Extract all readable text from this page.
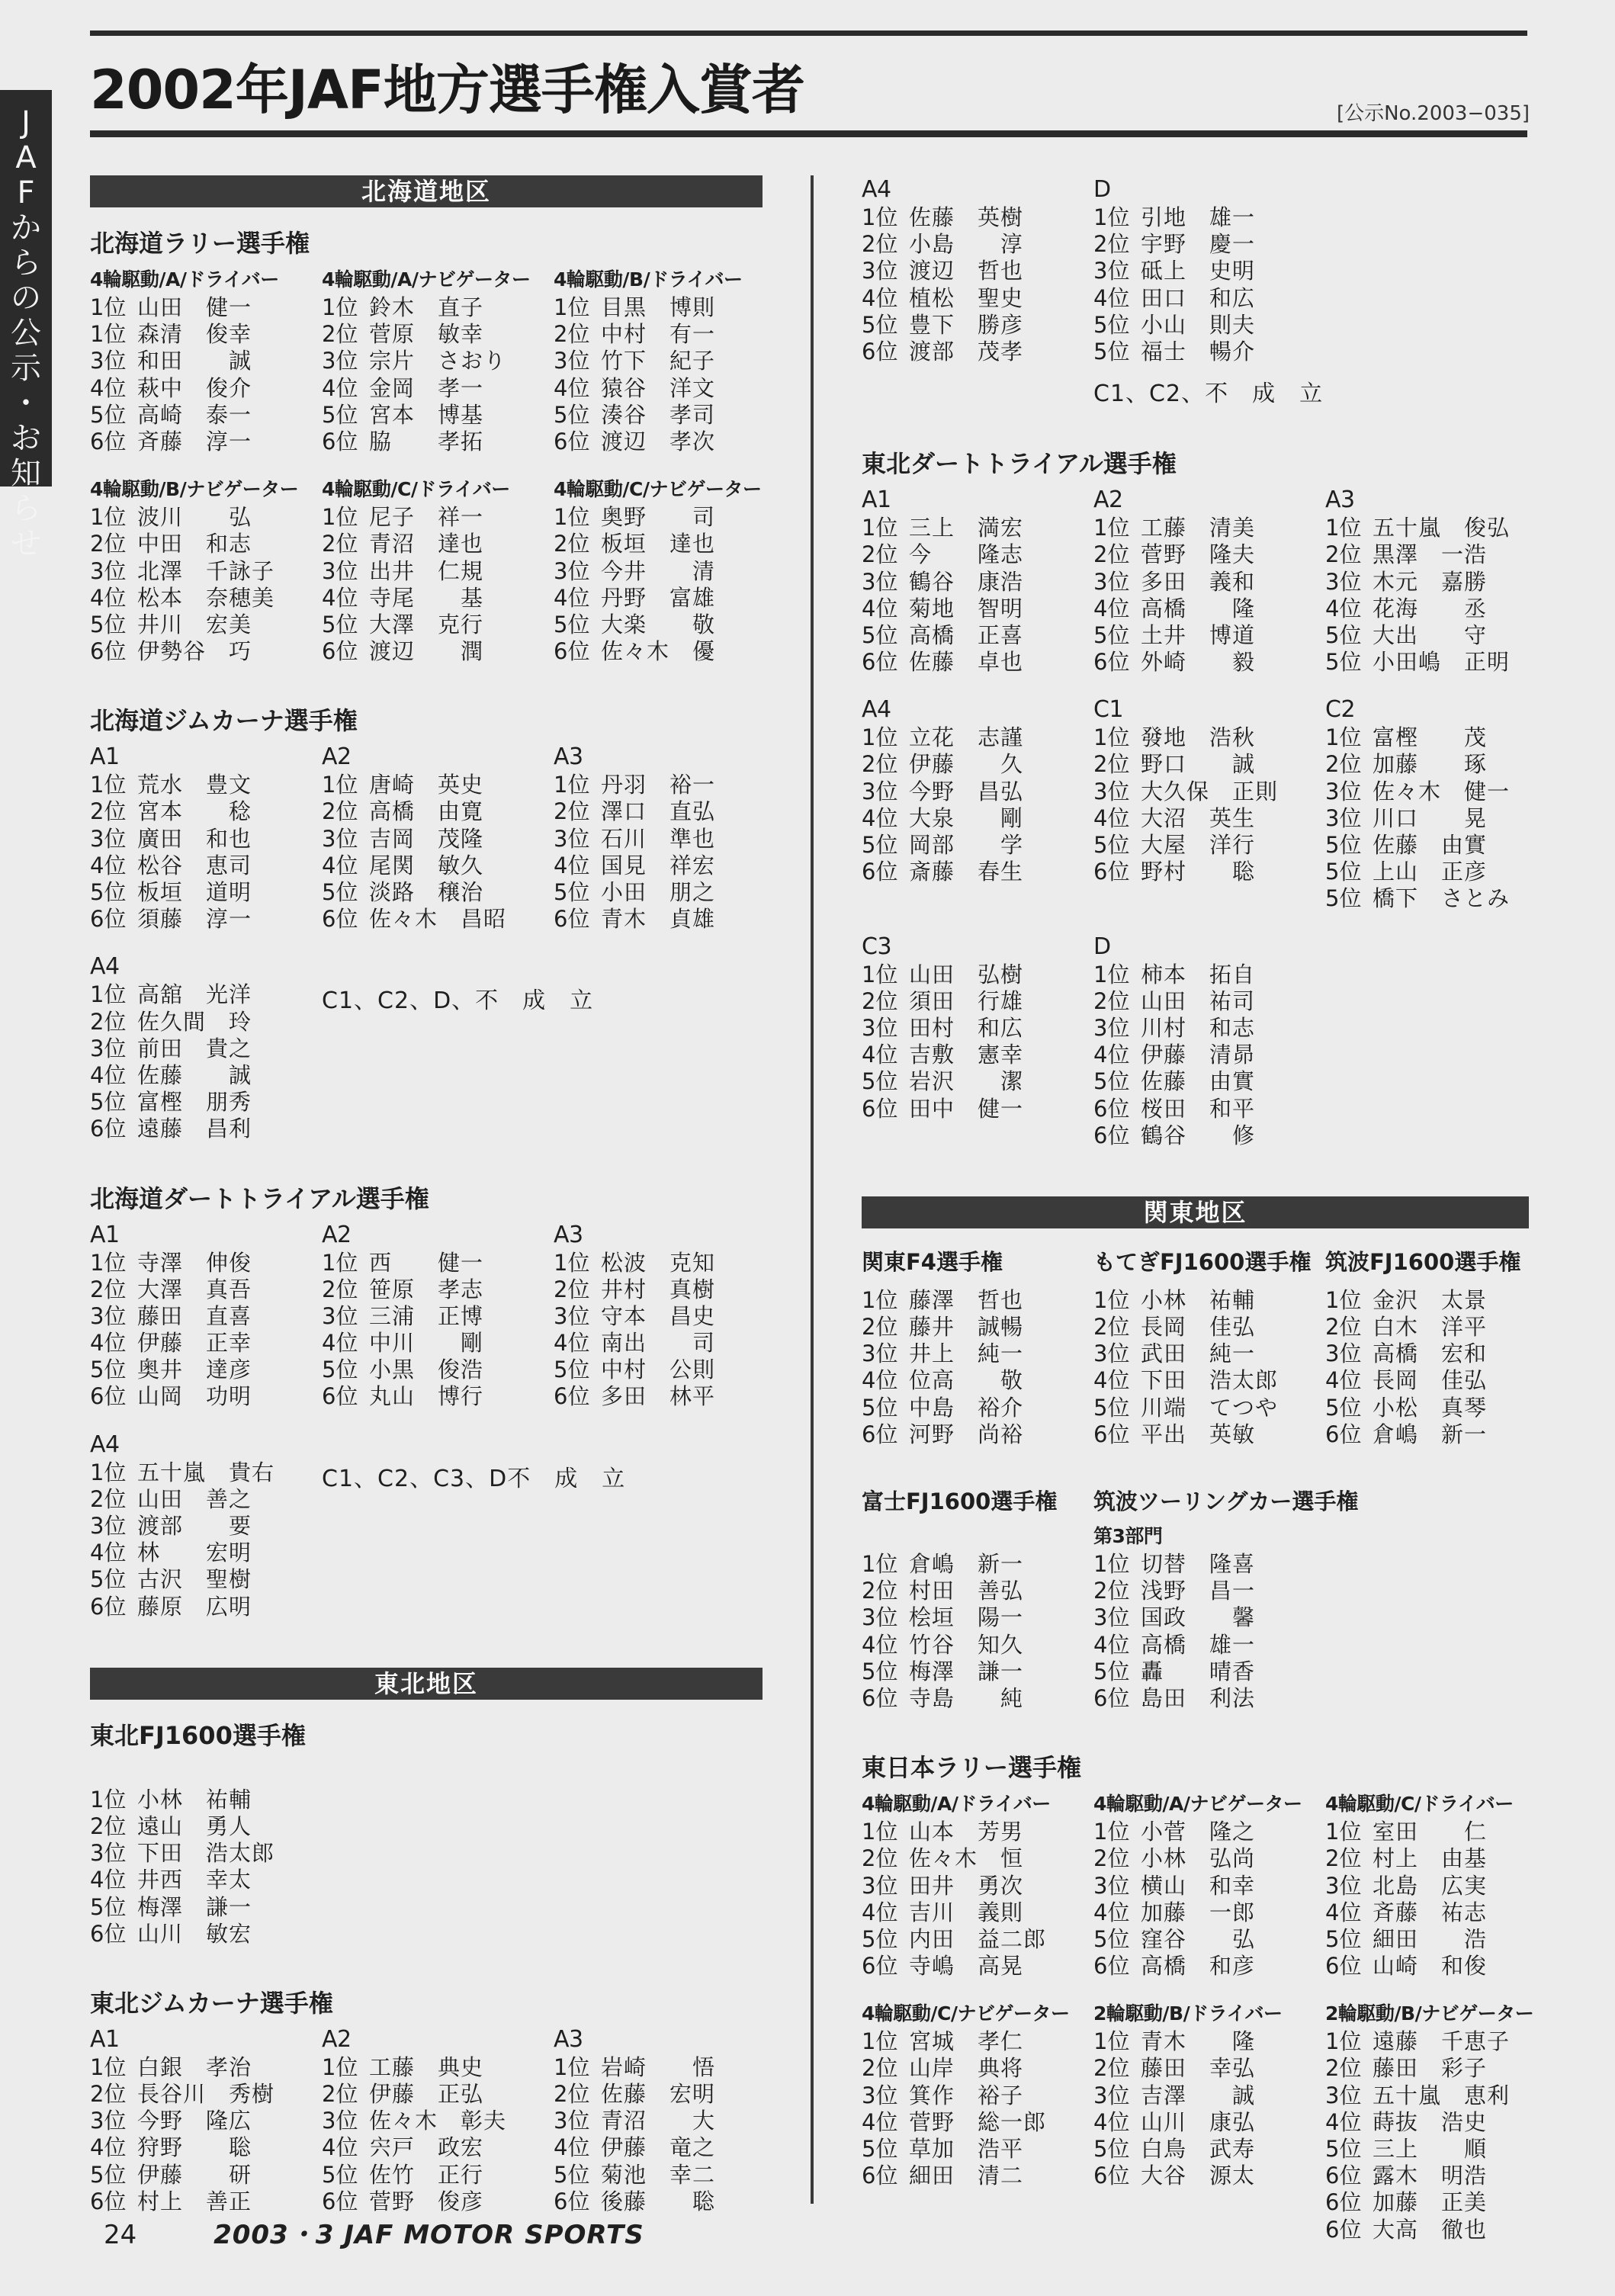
J
A
F
か
ら
の
公
示
・
お
知
ら
せ
2002年JAF地方選手権入賞者	[公示No.2003−035]
北海道地区
北海道ラリー選手権
4輪駆動/A/ドライバー
1位 山田　健一
1位 森清　俊幸
3位 和田　　誠
4位 萩中　俊介
5位 高崎　泰一
6位 斉藤　淳一
4輪駆動/A/ナビゲーター
1位 鈴木　直子
2位 菅原　敏幸
3位 宗片　さおり
4位 金岡　孝一
5位 宮本　博基
6位 脇　　孝拓
4輪駆動/B/ドライバー
1位 目黒　博則
2位 中村　有一
3位 竹下　紀子
4位 猿谷　洋文
5位 湊谷　孝司
6位 渡辺　孝次
4輪駆動/B/ナビゲーター
1位 波川　　弘
2位 中田　和志
3位 北澤　千詠子
4位 松本　奈穂美
5位 井川　宏美
6位 伊勢谷　巧
4輪駆動/C/ドライバー
1位 尼子　祥一
2位 青沼　達也
3位 出井　仁規
4位 寺尾　　基
5位 大澤　克行
6位 渡辺　　潤
4輪駆動/C/ナビゲーター
1位 奥野　　司
2位 板垣　達也
3位 今井　　清
4位 丹野　富雄
5位 大楽　　敬
6位 佐々木　優
北海道ジムカーナ選手権
A1
1位 荒水　豊文
2位 宮本　　稔
3位 廣田　和也
4位 松谷　恵司
5位 板垣　道明
6位 須藤　淳一
A2
1位 唐崎　英史
2位 高橋　由寛
3位 吉岡　茂隆
4位 尾関　敏久
5位 淡路　穣治
6位 佐々木　昌昭
A3
1位 丹羽　裕一
2位 澤口　直弘
3位 石川　準也
4位 国見　祥宏
5位 小田　朋之
6位 青木　貞雄
A4
1位 高舘　光洋
2位 佐久間　玲
3位 前田　貴之
4位 佐藤　　誠
5位 富樫　朋秀
6位 遠藤　昌利
C1、C2、D、不　成　立
北海道ダートトライアル選手権
A1
1位 寺澤　伸俊
2位 大澤　真吾
3位 藤田　直喜
4位 伊藤　正幸
5位 奥井　達彦
6位 山岡　功明
A2
1位 西　　健一
2位 笹原　孝志
3位 三浦　正博
4位 中川　　剛
5位 小黒　俊浩
6位 丸山　博行
A3
1位 松波　克知
2位 井村　真樹
3位 守本　昌史
4位 南出　　司
5位 中村　公則
6位 多田　林平
A4
1位 五十嵐　貴右
2位 山田　善之
3位 渡部　　要
4位 林　　宏明
5位 古沢　聖樹
6位 藤原　広明
C1、C2、C3、D不　成　立
東北地区
東北FJ1600選手権
1位 小林　祐輔
2位 遠山　勇人
3位 下田　浩太郎
4位 井西　幸太
5位 梅澤　謙一
6位 山川　敏宏
東北ジムカーナ選手権
A1
1位 白銀　孝治
2位 長谷川　秀樹
3位 今野　隆広
4位 狩野　　聡
5位 伊藤　　研
6位 村上　善正
A2
1位 工藤　典史
2位 伊藤　正弘
3位 佐々木　彰夫
4位 宍戸　政宏
5位 佐竹　正行
6位 菅野　俊彦
A3
1位 岩崎　　悟
2位 佐藤　宏明
3位 青沼　　大
4位 伊藤　竜之
5位 菊池　幸二
6位 後藤　　聡
A4
1位 佐藤　英樹
2位 小島　　淳
3位 渡辺　哲也
4位 植松　聖史
5位 豊下　勝彦
6位 渡部　茂孝
D
1位 引地　雄一
2位 宇野　慶一
3位 砥上　史明
4位 田口　和広
5位 小山　則夫
5位 福士　暢介
C1、C2、不　成　立
東北ダートトライアル選手権
A1
1位 三上　満宏
2位 今　　隆志
3位 鶴谷　康浩
4位 菊地　智明
5位 高橋　正喜
6位 佐藤　卓也
A2
1位 工藤　清美
2位 菅野　隆夫
3位 多田　義和
4位 高橋　　隆
5位 土井　博道
6位 外崎　　毅
A3
1位 五十嵐　俊弘
2位 黒澤　一浩
3位 木元　嘉勝
4位 花海　　丞
5位 大出　　守
5位 小田嶋　正明
A4
1位 立花　志謹
2位 伊藤　　久
3位 今野　昌弘
4位 大泉　　剛
5位 岡部　　学
6位 斎藤　春生
C1
1位 發地　浩秋
2位 野口　　誠
3位 大久保　正則
4位 大沼　英生
5位 大屋　洋行
6位 野村　　聡
C2
1位 富樫　　茂
2位 加藤　　琢
3位 佐々木　健一
3位 川口　　晃
5位 佐藤　由實
5位 上山　正彦
5位 橋下　さとみ
C3
1位 山田　弘樹
2位 須田　行雄
3位 田村　和広
4位 吉敷　憲幸
5位 岩沢　　潔
6位 田中　健一
D
1位 柿本　拓自
2位 山田　祐司
3位 川村　和志
4位 伊藤　清昴
5位 佐藤　由實
6位 桜田　和平
6位 鶴谷　　修
関東地区
関東F4選手権
1位 藤澤　哲也
2位 藤井　誠暢
3位 井上　純一
4位 位高　　敬
5位 中島　裕介
6位 河野　尚裕
もてぎFJ1600選手権
1位 小林　祐輔
2位 長岡　佳弘
3位 武田　純一
4位 下田　浩太郎
5位 川端　てつや
6位 平出　英敏
筑波FJ1600選手権
1位 金沢　太景
2位 白木　洋平
3位 高橋　宏和
4位 長岡　佳弘
5位 小松　真琴
6位 倉嶋　新一
富士FJ1600選手権
1位 倉嶋　新一
2位 村田　善弘
3位 桧垣　陽一
4位 竹谷　知久
5位 梅澤　謙一
6位 寺島　　純
筑波ツーリングカー選手権
第3部門
1位 切替　隆喜
2位 浅野　昌一
3位 国政　　馨
4位 高橋　雄一
5位 轟　　晴香
6位 島田　利法
東日本ラリー選手権
4輪駆動/A/ドライバー
1位 山本　芳男
2位 佐々木　恒
3位 田井　勇次
4位 吉川　義則
5位 内田　益二郎
6位 寺嶋　高晃
4輪駆動/A/ナビゲーター
1位 小菅　隆之
2位 小林　弘尚
3位 横山　和幸
4位 加藤　一郎
5位 窪谷　　弘
6位 高橋　和彦
4輪駆動/C/ドライバー
1位 室田　　仁
2位 村上　由基
3位 北島　広実
4位 斉藤　祐志
5位 細田　　浩
6位 山崎　和俊
4輪駆動/C/ナビゲーター
1位 宮城　孝仁
2位 山岸　典将
3位 箕作　裕子
4位 菅野　総一郎
5位 草加　浩平
6位 細田　清二
2輪駆動/B/ドライバー
1位 青木　　隆
2位 藤田　幸弘
3位 吉澤　　誠
4位 山川　康弘
5位 白鳥　武寿
6位 大谷　源太
2輪駆動/B/ナビゲーター
1位 遠藤　千恵子
2位 藤田　彩子
3位 五十嵐　恵利
4位 蒔抜　浩史
5位 三上　　順
6位 露木　明浩
6位 加藤　正美
6位 大高　徹也
24	2003・3 JAF MOTOR SPORTS
